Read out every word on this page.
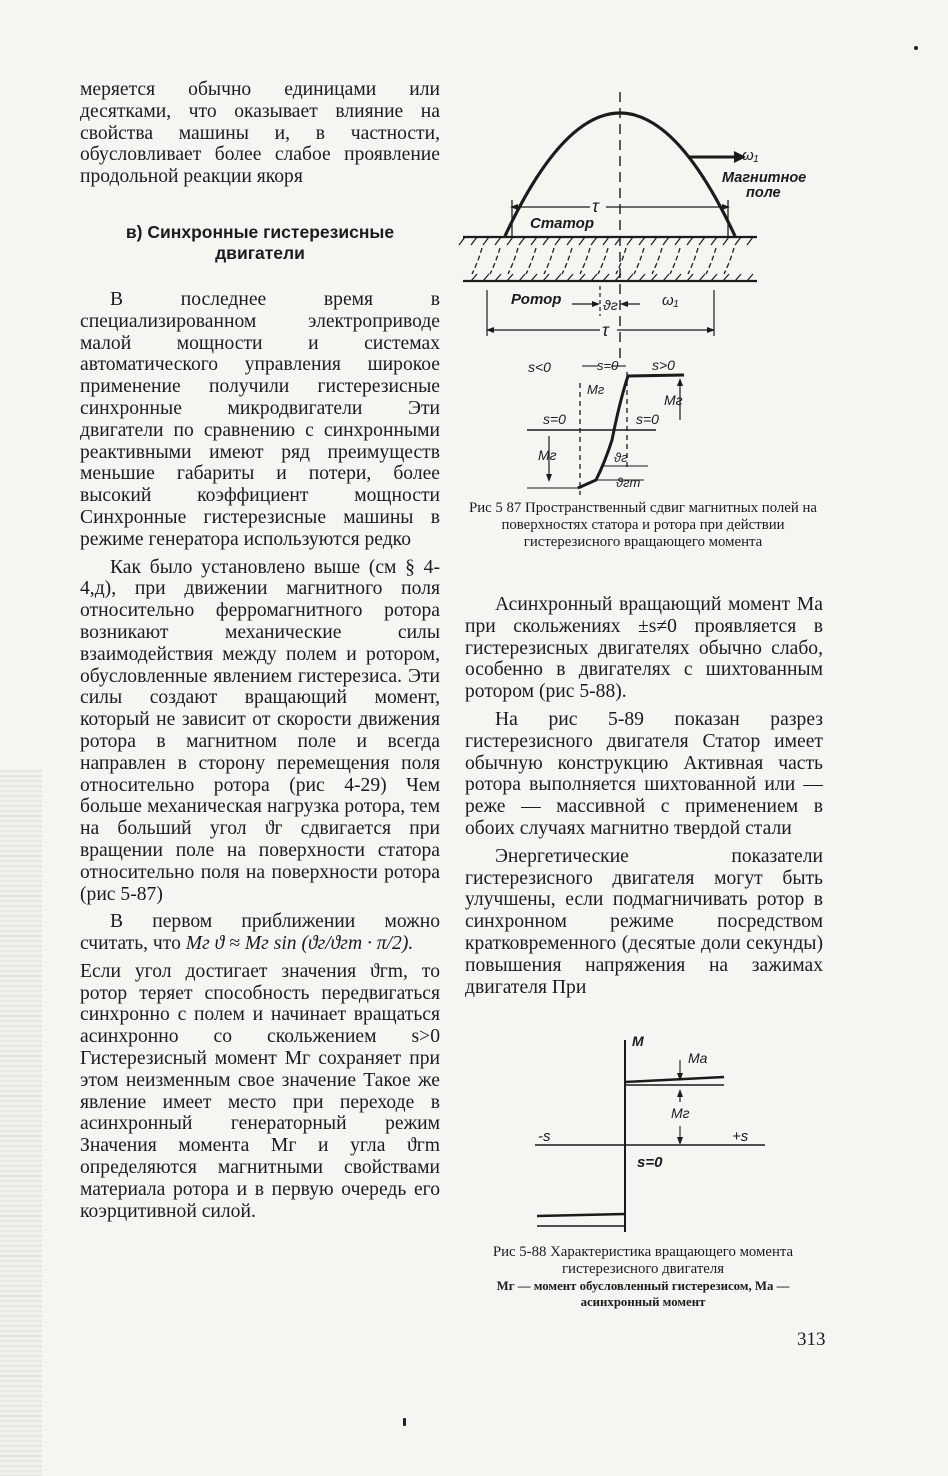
меряется обычно единицами или десятками, что оказывает влияние на свойства машины и, в частности, обусловливает более слабое проявление продольной реакции якоря

в) Синхронные гистерезисные двигатели

В последнее время в специализированном электроприводе малой мощности и системах автоматического управления широкое применение получили гистерезисные синхронные микродвигатели Эти двигатели по сравнению с синхронными реактивными имеют ряд преимуществ меньшие габариты и потери, более высокий коэффициент мощности Синхронные гистерезисные машины в режиме генератора используются редко

Как было установлено выше (см § 4-4,д), при движении магнитного поля относительно ферромагнитного ротора возникают механические силы взаимодействия между полем и ротором, обусловленные явлением гистерезиса. Эти силы создают вращающий момент, который не зависит от скорости движения ротора в магнитном поле и всегда направлен в сторону перемещения поля относительно ротора (рис 4-29) Чем больше механическая нагрузка ротора, тем на больший угол ϑг сдвигается при вращении поле на поверхности статора относительно поля на поверхности ротора (рис 5-87)

В первом приближении можно считать, что Mг ϑ ≈ Mг sin (ϑг/ϑгm · π/2).

Если угол достигает значения ϑгm, то ротор теряет способность передвигаться синхронно с полем и начинает вращаться асинхронно со скольжением s>0 Гистерезисный момент Mг сохраняет при этом неизменным свое значение Такое же явление имеет место при переходе в асинхронный генераторный режим Значения момента Mг и угла ϑгm определяются магнитными свойствами материала ротора и в первую очередь его коэрцитивной силой.

ω₁
Магнитное
поле
τ
Статор
Ротор	ϑг	ω₁
τ
s<0	s=0 s>0
Mг
Mг
s=0	s=0
Mг	ϑг
ϑгm
Рис 5 87 Пространственный сдвиг магнитных полей на поверхностях статора и ротора при действии гистерезисного вращающего момента

Асинхронный вращающий момент Mа при скольжениях ±s≠0 проявляется в гистерезисных двигателях обычно слабо, особенно в двигателях с шихтованным ротором (рис 5-88).

На рис 5-89 показан разрез гистерезисного двигателя Статор имеет обычную конструкцию Активная часть ротора выполняется шихтованной или — реже — массивной с применением в обоих случаях магнитно твердой стали

Энергетические показатели гистерезисного двигателя могут быть улучшены, если подмагничивать ротор в синхронном режиме посредством кратковременного (десятые доли секунды) повышения напряжения на зажимах двигателя При

M
Mа
Mг
-s	+s
s=0
Рис 5-88 Характеристика вращающего момента гистерезисного двигателя
Mг — момент обусловленный гистерезисом, Mа — асинхронный момент
313
